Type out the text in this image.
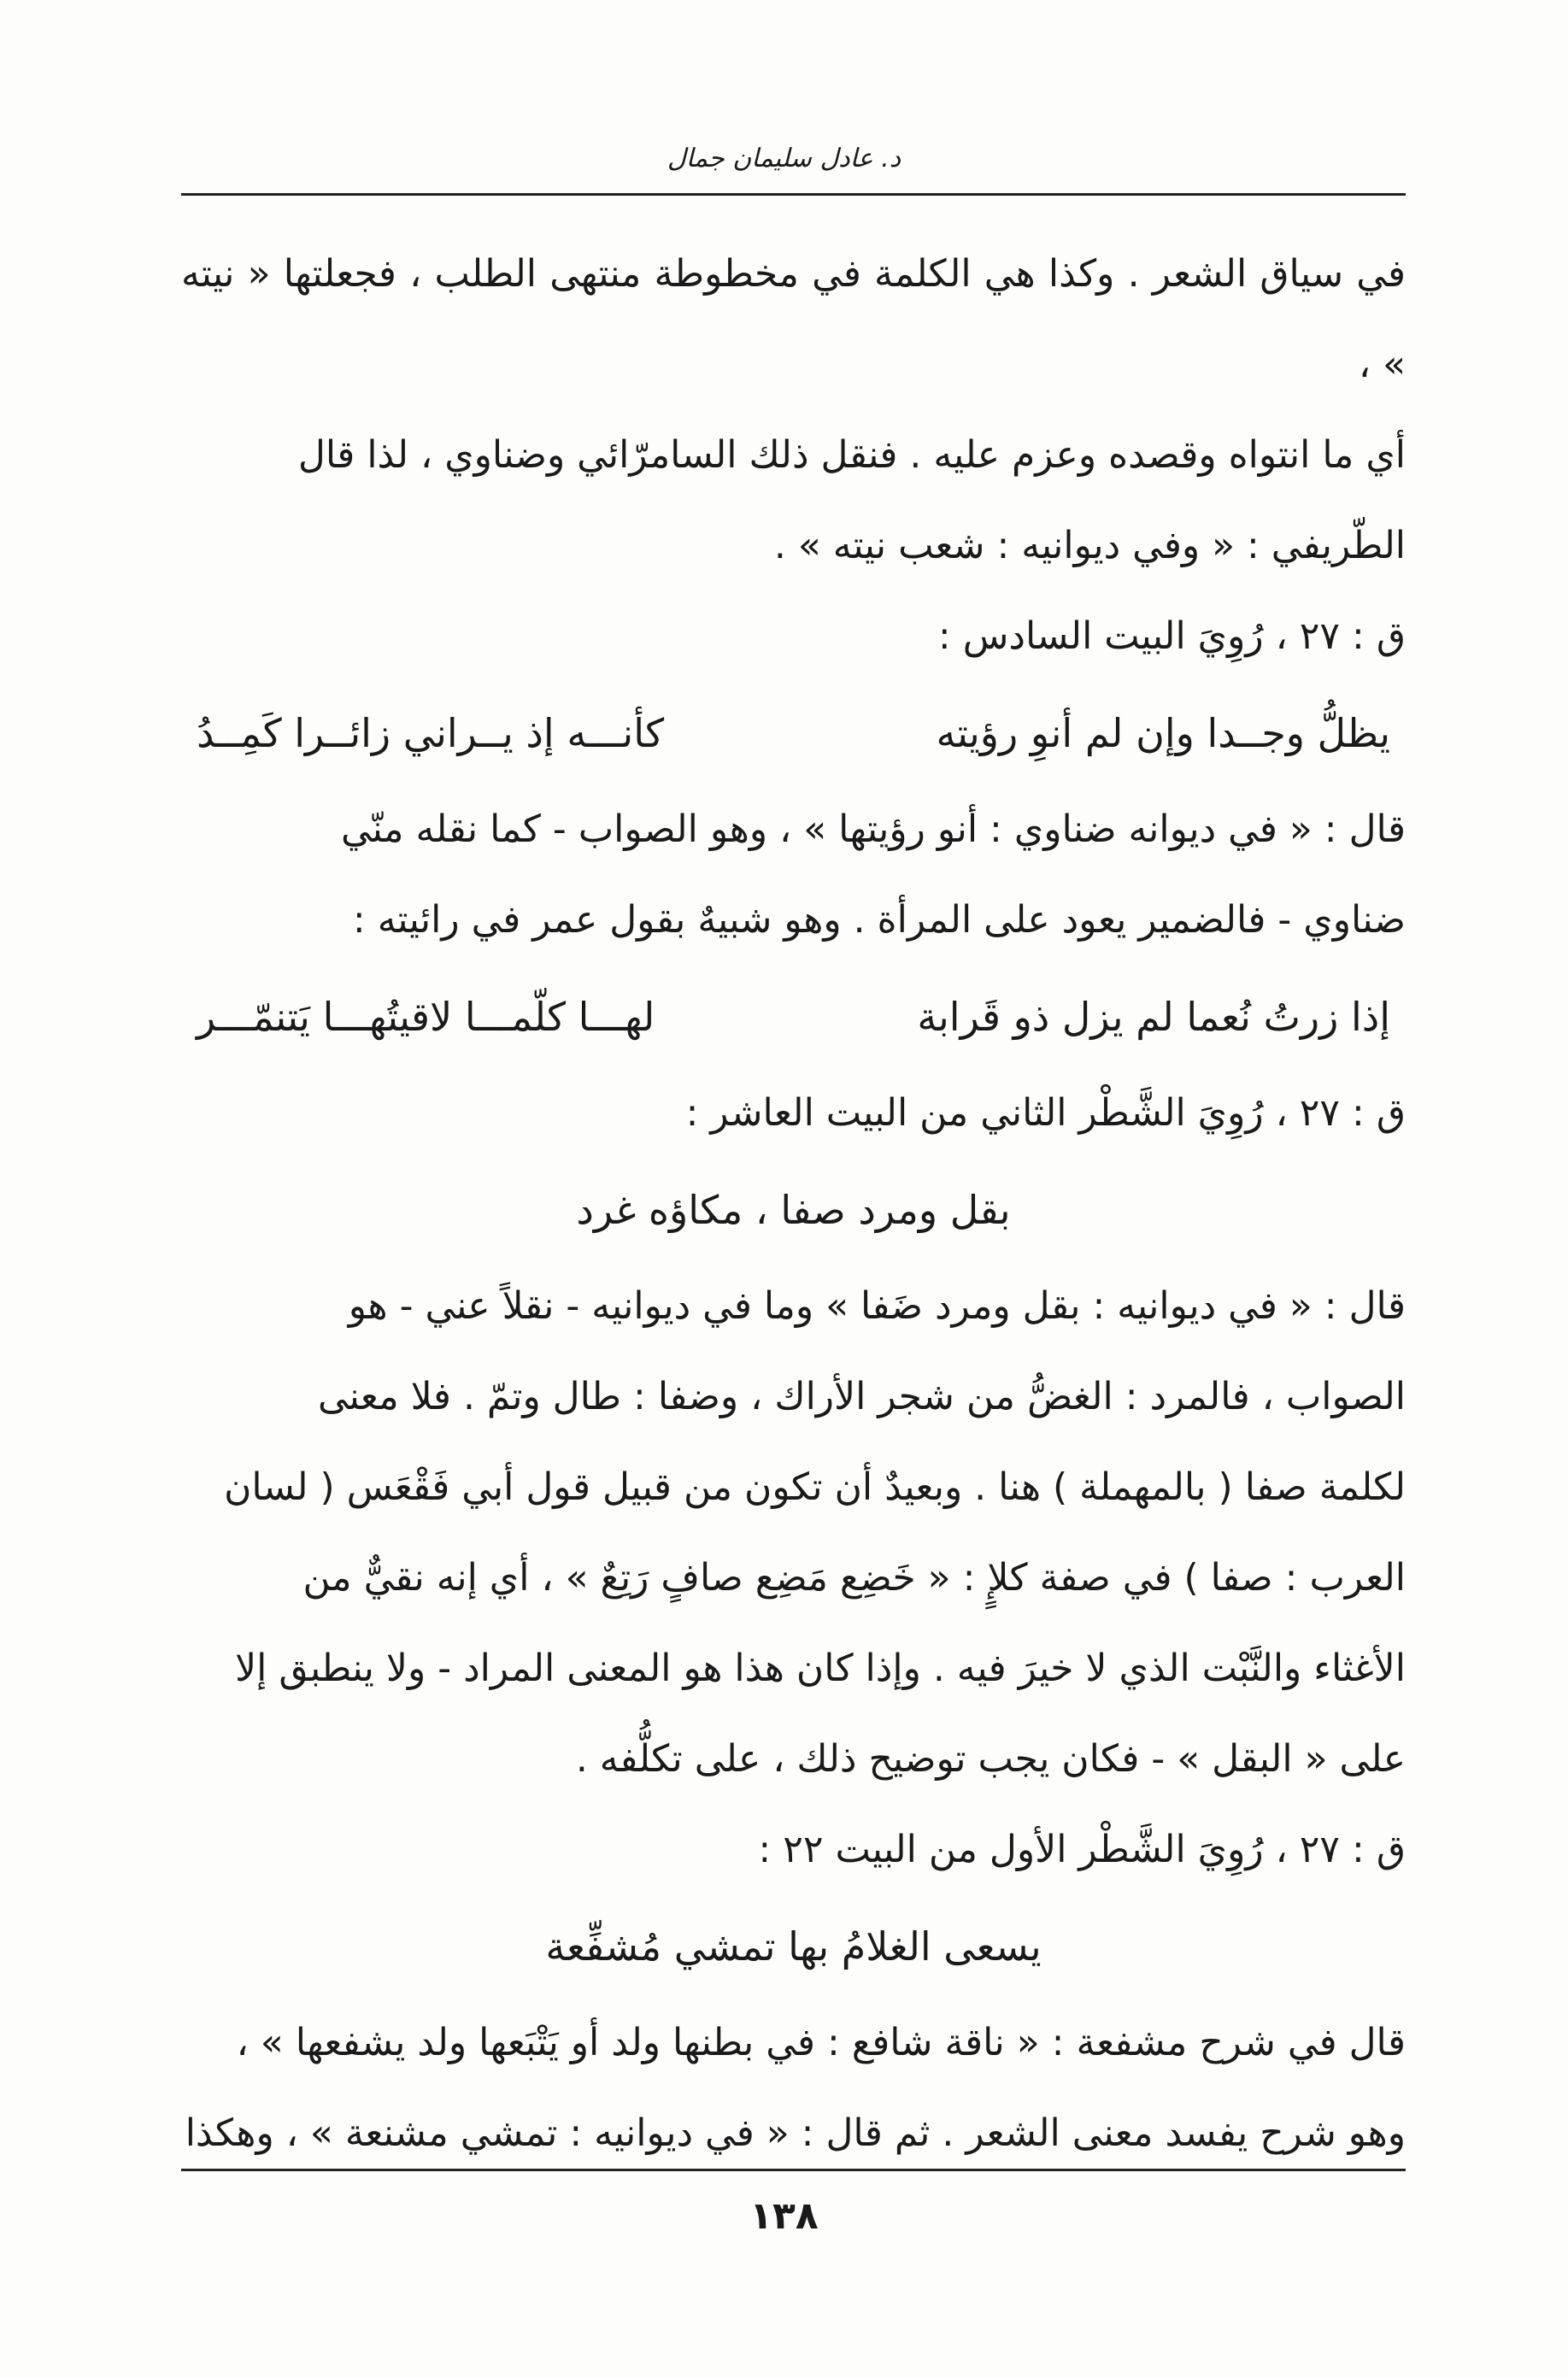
د. عادل سليمان جمال

في سياق الشعر . وكذا هي الكلمة في مخطوطة منتهى الطلب ، فجعلتها « نيته » ،
أي ما انتواه وقصده وعزم عليه . فنقل ذلك السامرّائي وضناوي ، لذا قال
الطّريفي : « وفي ديوانيه : شعب نيته » .

ق : ٢٧ ، رُوِيَ البيت السادس :

يظلُّ وجــدا وإن لم أنوِ رؤيته
كأنـــه إذ يــراني زائــرا كَمِــدُ

قال : « في ديوانه ضناوي : أنو رؤيتها » ، وهو الصواب - كما نقله منّي
ضناوي - فالضمير يعود على المرأة . وهو شبيهٌ بقول عمر في رائيته :

إذا زرتُ نُعما لم يزل ذو قَرابة
لهـــا كلّمـــا لاقيتُهـــا يَتنمّـــر

ق : ٢٧ ، رُوِيَ الشَّطْر الثاني من البيت العاشر :

بقل ومرد صفا ، مكاؤه غرد

قال : « في ديوانيه : بقل ومرد ضَفا » وما في ديوانيه - نقلاً عني - هو
الصواب ، فالمرد : الغضُّ من شجر الأراك ، وضفا : طال وتمّ . فلا معنى
لكلمة صفا ( بالمهملة ) هنا . وبعيدٌ أن تكون من قبيل قول أبي فَقْعَس ( لسان
العرب : صفا ) في صفة كلإٍ : « خَضِع مَضِع صافٍ رَتِعٌ » ، أي إنه نقيٌّ من
الأغثاء والنَّبْت الذي لا خيرَ فيه . وإذا كان هذا هو المعنى المراد - ولا ينطبق إلا
على « البقل » - فكان يجب توضيح ذلك ، على تكلُّفه .

ق : ٢٧ ، رُوِيَ الشَّطْر الأول من البيت ٢٢ :

يسعى الغلامُ بها تمشي مُشفِّعة

قال في شرح مشفعة : « ناقة شافع : في بطنها ولد أو يَتْبَعها ولد يشفعها » ،
وهو شرح يفسد معنى الشعر . ثم قال : « في ديوانيه : تمشي مشنعة » ، وهكذا

١٣٨
